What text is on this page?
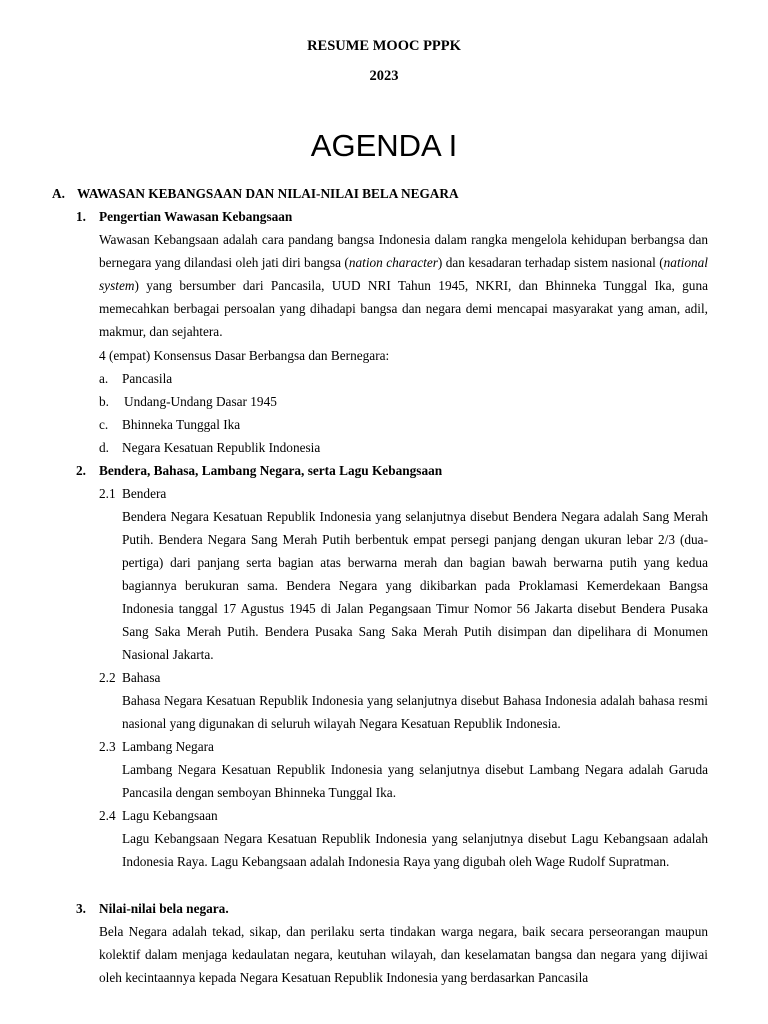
RESUME MOOC PPPK
2023
AGENDA I
A. WAWASAN KEBANGSAAN DAN NILAI-NILAI BELA NEGARA
1. Pengertian Wawasan Kebangsaan
Wawasan Kebangsaan adalah cara pandang bangsa Indonesia dalam rangka mengelola kehidupan berbangsa dan bernegara yang dilandasi oleh jati diri bangsa (nation character) dan kesadaran terhadap sistem nasional (national system) yang bersumber dari Pancasila, UUD NRI Tahun 1945, NKRI, dan Bhinneka Tunggal Ika, guna memecahkan berbagai persoalan yang dihadapi bangsa dan negara demi mencapai masyarakat yang aman, adil, makmur, dan sejahtera.
4 (empat) Konsensus Dasar Berbangsa dan Bernegara:
a. Pancasila
b. Undang-Undang Dasar 1945
c. Bhinneka Tunggal Ika
d. Negara Kesatuan Republik Indonesia
2. Bendera, Bahasa, Lambang Negara, serta Lagu Kebangsaan
2.1 Bendera
Bendera Negara Kesatuan Republik Indonesia yang selanjutnya disebut Bendera Negara adalah Sang Merah Putih. Bendera Negara Sang Merah Putih berbentuk empat persegi panjang dengan ukuran lebar 2/3 (dua-pertiga) dari panjang serta bagian atas berwarna merah dan bagian bawah berwarna putih yang kedua bagiannya berukuran sama. Bendera Negara yang dikibarkan pada Proklamasi Kemerdekaan Bangsa Indonesia tanggal 17 Agustus 1945 di Jalan Pegangsaan Timur Nomor 56 Jakarta disebut Bendera Pusaka Sang Saka Merah Putih. Bendera Pusaka Sang Saka Merah Putih disimpan dan dipelihara di Monumen Nasional Jakarta.
2.2 Bahasa
Bahasa Negara Kesatuan Republik Indonesia yang selanjutnya disebut Bahasa Indonesia adalah bahasa resmi nasional yang digunakan di seluruh wilayah Negara Kesatuan Republik Indonesia.
2.3 Lambang Negara
Lambang Negara Kesatuan Republik Indonesia yang selanjutnya disebut Lambang Negara adalah Garuda Pancasila dengan semboyan Bhinneka Tunggal Ika.
2.4 Lagu Kebangsaan
Lagu Kebangsaan Negara Kesatuan Republik Indonesia yang selanjutnya disebut Lagu Kebangsaan adalah Indonesia Raya. Lagu Kebangsaan adalah Indonesia Raya yang digubah oleh Wage Rudolf Supratman.
3. Nilai-nilai bela negara.
Bela Negara adalah tekad, sikap, dan perilaku serta tindakan warga negara, baik secara perseorangan maupun kolektif dalam menjaga kedaulatan negara, keutuhan wilayah, dan keselamatan bangsa dan negara yang dijiwai oleh kecintaannya kepada Negara Kesatuan Republik Indonesia yang berdasarkan Pancasila
